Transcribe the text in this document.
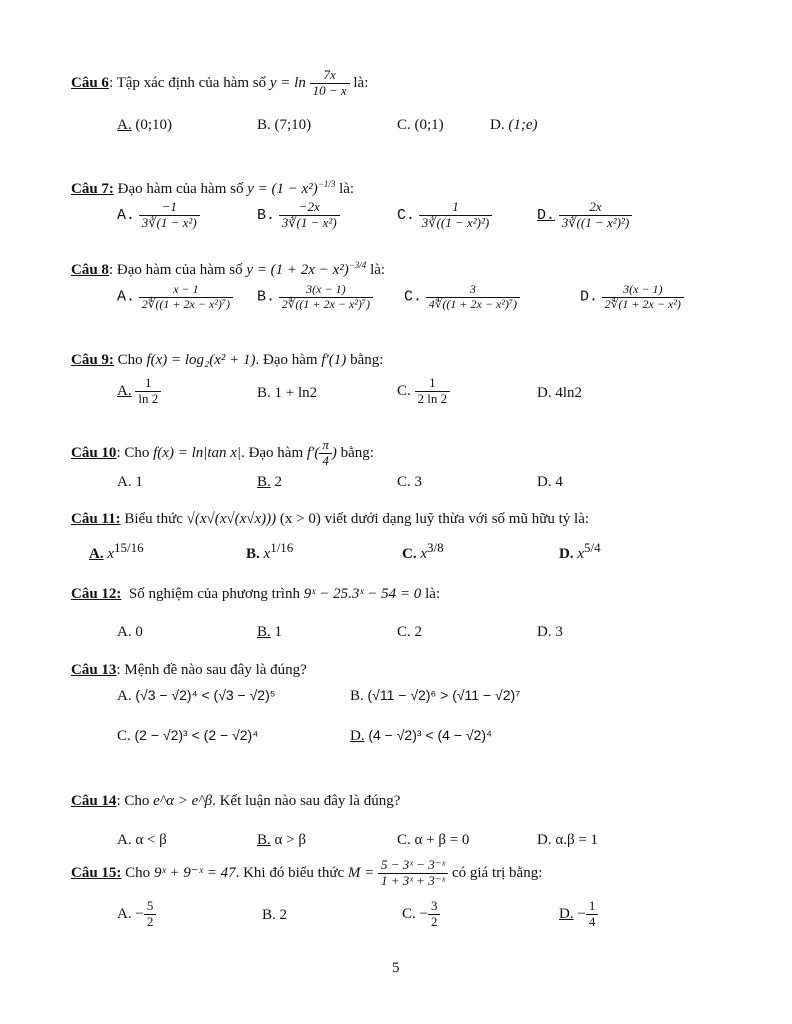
Câu 6: Tập xác định của hàm số $y = \ln \frac{7x}{10 - x}$ là:
A. (0;10)	B. (7;10)	C. (0;1)	D. (1;e)
Câu 7: Đạo hàm của hàm số $y = (1 - x^2)^{-1/3}$ là:
A. $\frac{-1}{\text{3∛(1 − x²)}}$	B. $\frac{-2x}{\text{3∛(1 − x²)}}$	C. $\frac{1}{\text{3∛((1 − x²)²)}}$	D. $\frac{2x}{\text{3∛((1 − x²)²)}}$
Câu 8: Đạo hàm của hàm số $y = (1 + 2x - x^2)^{-3/4}$ là:
A. $\frac{x - 1}{\text{2∜((1 + 2x − x²)⁷)}} B$. $\frac{3(x - 1)}{\text{2∜((1 + 2x − x²)⁷)}} C$. $\frac{3}{\text{4∜((1 + 2x − x²)⁷)}}$	D. $\frac{3(x - 1)}{\text{2∜(1 + 2x − x²)}}$
Câu 9: Cho f(x) = log₂(x² + 1). Đạo hàm f′(1) bằng:
A. $\frac{1}{\ln 2}$	B. 1 + ln2	C. $\frac{1}{2 \ln 2}$	D. 4ln2
Câu 10: Cho f(x) = ln|tan x|. Đạo hàm $f'( \frac{\pi}{4}$ ) bằng:
A. 1	B. 2	C. 3	D. 4
Câu 11: Biểu thức √(x√(x√(x√x))) (x > 0) viết dưới dạng luỹ thừa với số mũ hữu tỷ là:
A. $x^{15/16}$	B. $x^{1/16}$	C. $x^{3/8}$	D. $x^{5/4}$
Câu 12: Số nghiệm của phương trình 9ˣ − 25.3ˣ − 54 = 0 là:
A. 0	B. 1	C. 2	D. 3
Câu 13: Mệnh đề nào sau đây là đúng?
A. (√3 − √2)⁴ < (√3 − √2)⁵	B. (√11 − √2)⁶ > (√11 − √2)⁷
C. (2 − √2)³ < (2 − √2)⁴	D. (4 − √2)³ < (4 − √2)⁴
Câu 14: Cho e^α > e^β. Kết luận nào sau đây là đúng?
A. α < β	B. α > β	C. α + β = 0	D. α.β = 1
Câu 15: Cho 9ˣ + 9⁻ˣ = 47. Khi đó biểu thức $M = \frac{\text{5 − 3ˣ − 3⁻ˣ}}{\text{1 + 3ˣ + 3⁻ˣ}}$ có giá trị bằng:
A. − $\frac{5}{2}$	B. 2	C. − $\frac{3}{2}$	D. − $\frac{1}{4}$
5
